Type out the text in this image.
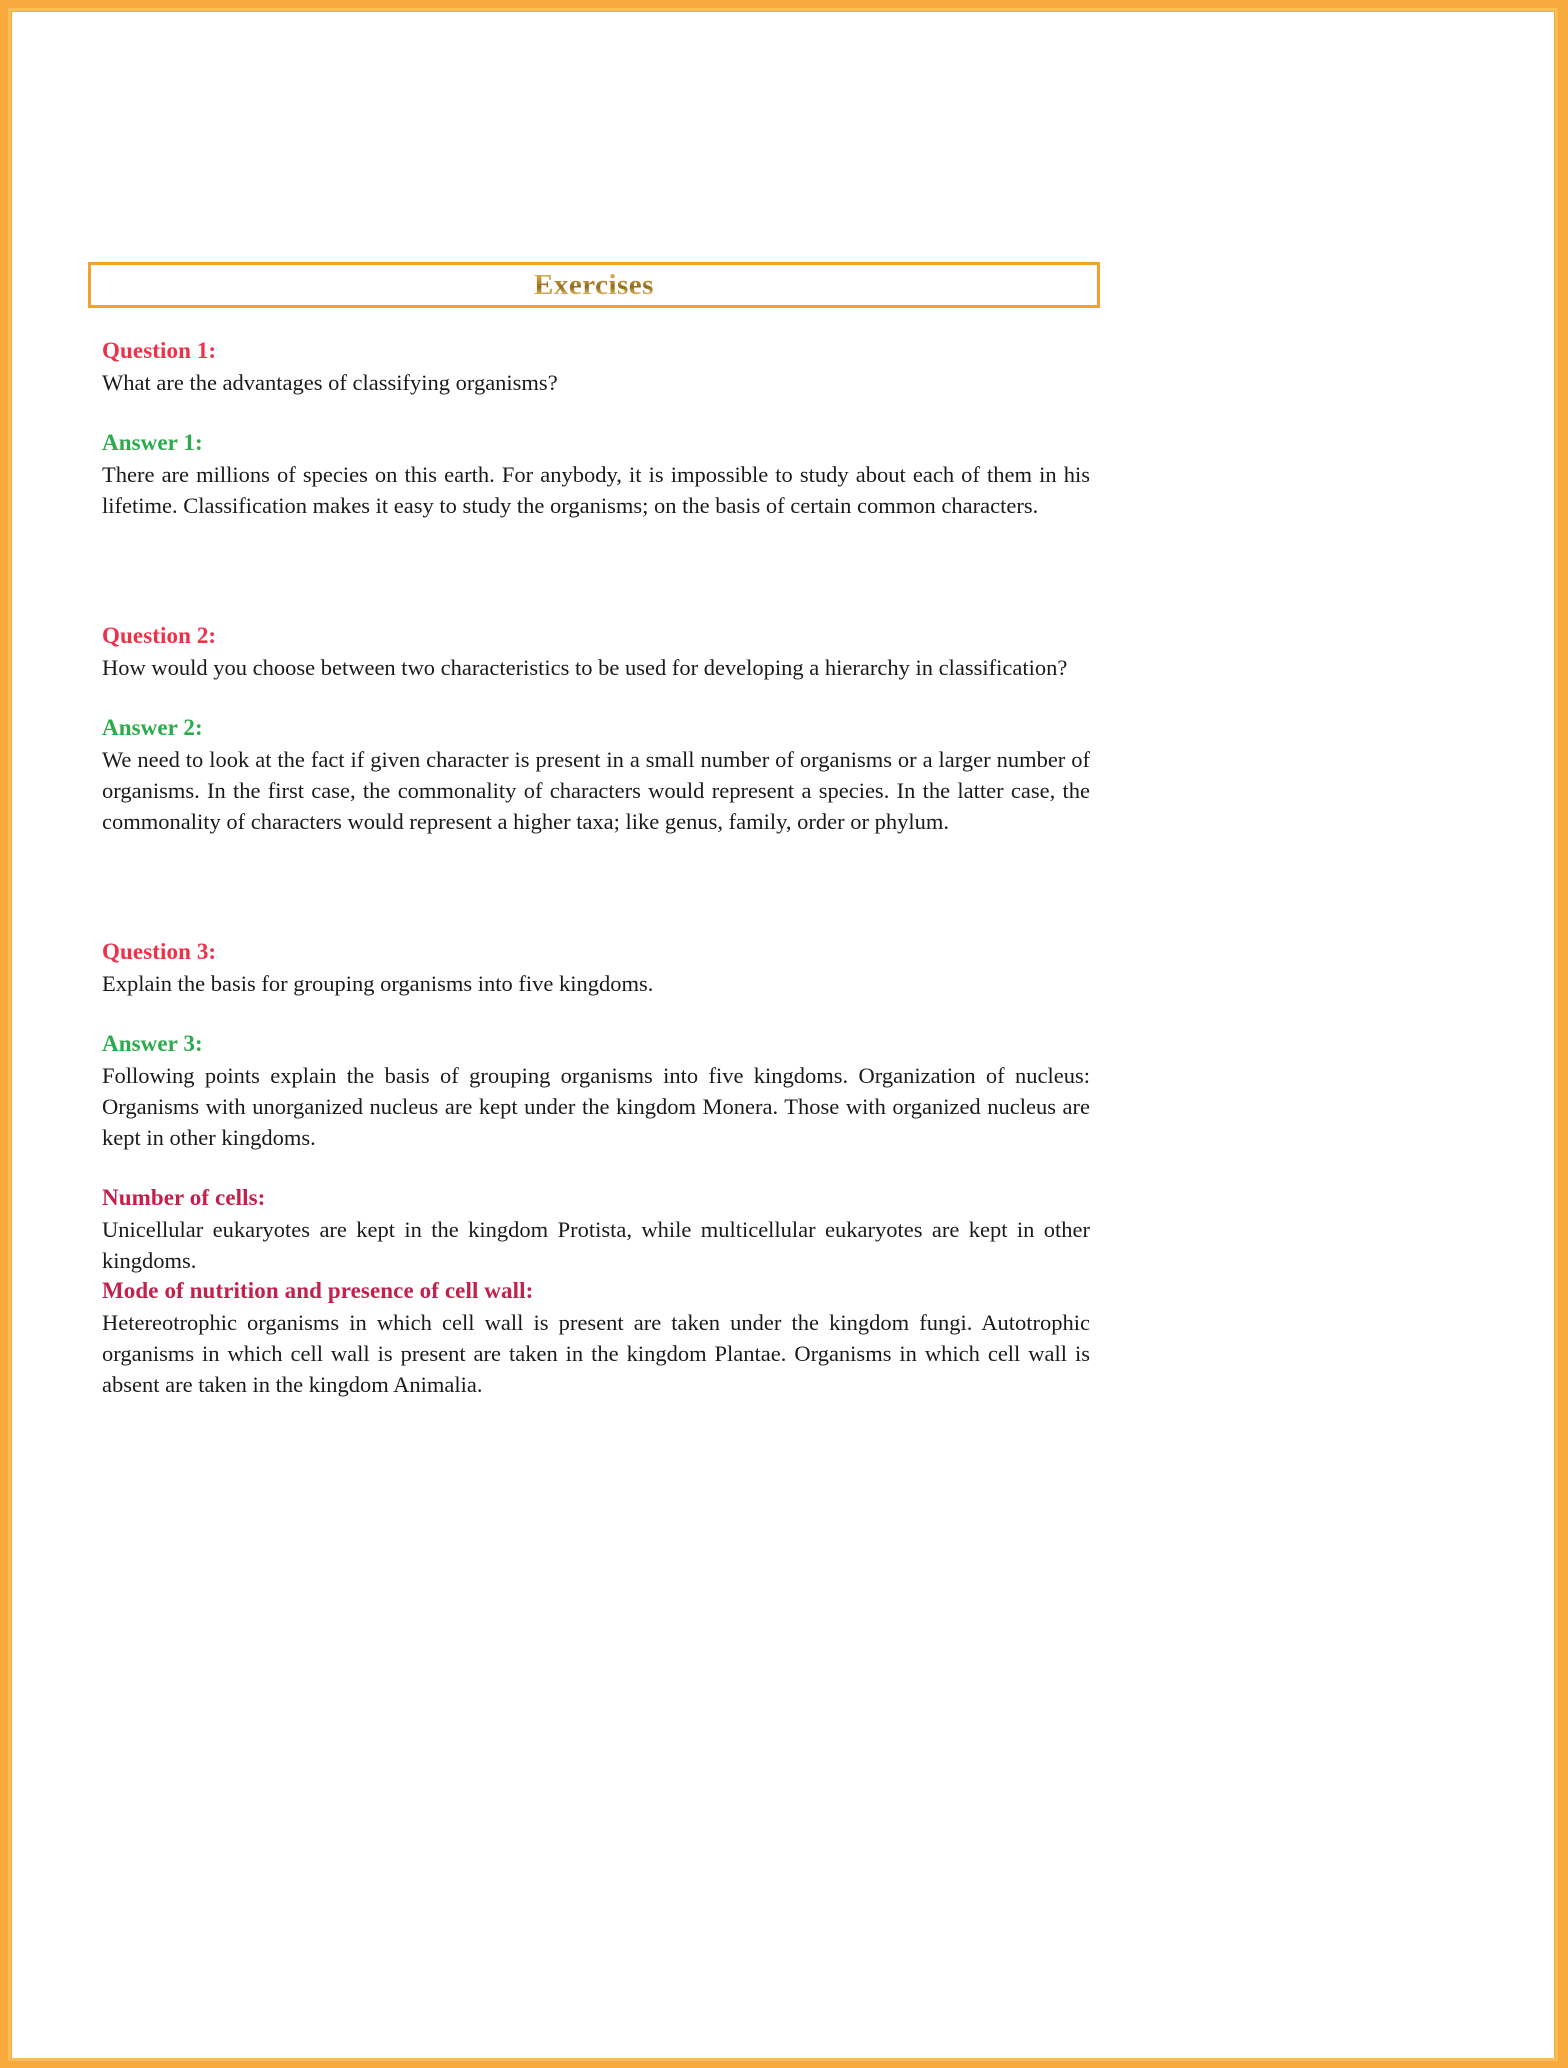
Exercises
Question 1:
What are the advantages of classifying organisms?
Answer 1:
There are millions of species on this earth. For anybody, it is impossible to study about each of them in his lifetime. Classification makes it easy to study the organisms; on the basis of certain common characters.
Question 2:
How would you choose between two characteristics to be used for developing a hierarchy in classification?
Answer 2:
We need to look at the fact if given character is present in a small number of organisms or a larger number of organisms. In the first case, the commonality of characters would represent a species. In the latter case, the commonality of characters would represent a higher taxa; like genus, family, order or phylum.
Question 3:
Explain the basis for grouping organisms into five kingdoms.
Answer 3:
Following points explain the basis of grouping organisms into five kingdoms. Organization of nucleus: Organisms with unorganized nucleus are kept under the kingdom Monera. Those with organized nucleus are kept in other kingdoms.
Number of cells:
Unicellular eukaryotes are kept in the kingdom Protista, while multicellular eukaryotes are kept in other kingdoms.
Mode of nutrition and presence of cell wall:
Hetereotrophic organisms in which cell wall is present are taken under the kingdom fungi. Autotrophic organisms in which cell wall is present are taken in the kingdom Plantae. Organisms in which cell wall is absent are taken in the kingdom Animalia.
